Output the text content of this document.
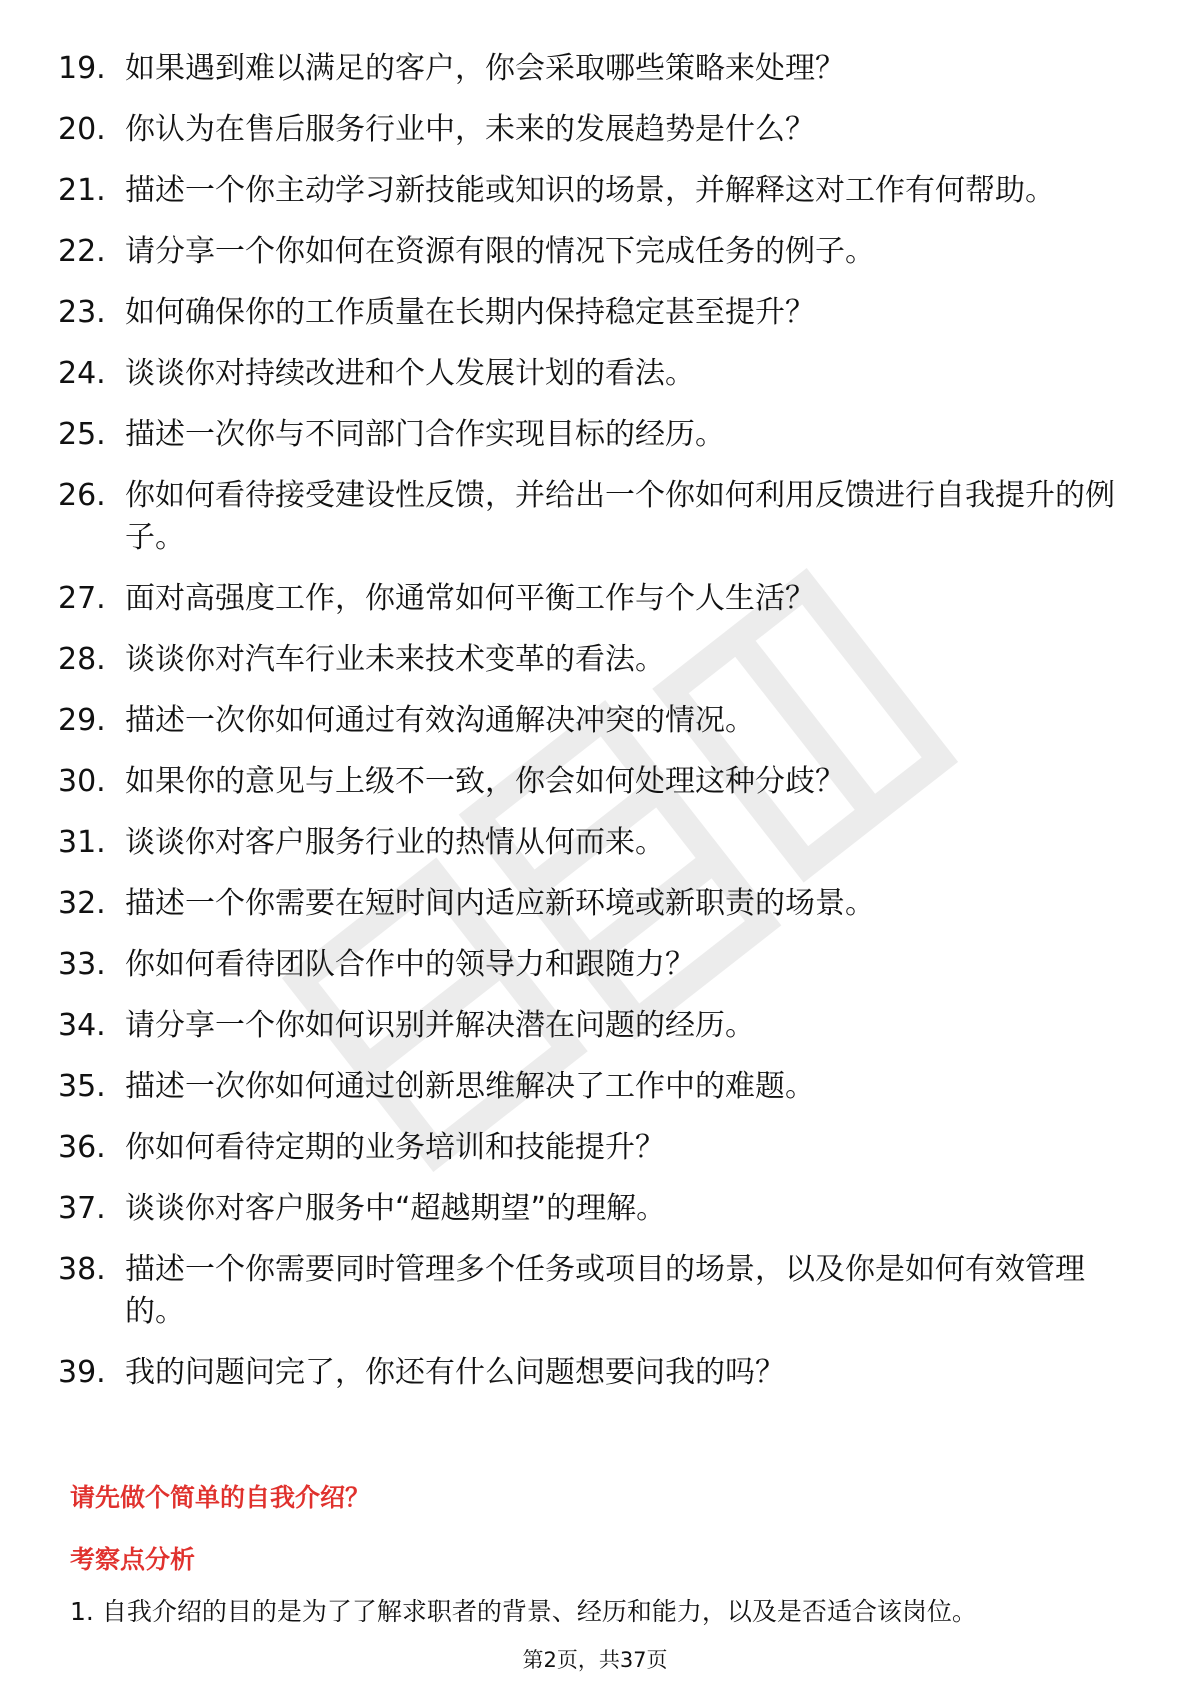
19. 如果遇到难以满足的客户，你会采取哪些策略来处理？
20. 你认为在售后服务行业中，未来的发展趋势是什么？
21. 描述一个你主动学习新技能或知识的场景，并解释这对工作有何帮助。
22. 请分享一个你如何在资源有限的情况下完成任务的例子。
23. 如何确保你的工作质量在长期内保持稳定甚至提升？
24. 谈谈你对持续改进和个人发展计划的看法。
25. 描述一次你与不同部门合作实现目标的经历。
26. 你如何看待接受建设性反馈，并给出一个你如何利用反馈进行自我提升的例子。
27. 面对高强度工作，你通常如何平衡工作与个人生活？
28. 谈谈你对汽车行业未来技术变革的看法。
29. 描述一次你如何通过有效沟通解决冲突的情况。
30. 如果你的意见与上级不一致，你会如何处理这种分歧？
31. 谈谈你对客户服务行业的热情从何而来。
32. 描述一个你需要在短时间内适应新环境或新职责的场景。
33. 你如何看待团队合作中的领导力和跟随力？
34. 请分享一个你如何识别并解决潜在问题的经历。
35. 描述一次你如何通过创新思维解决了工作中的难题。
36. 你如何看待定期的业务培训和技能提升？
37. 谈谈你对客户服务中“超越期望”的理解。
38. 描述一个你需要同时管理多个任务或项目的场景，以及你是如何有效管理的。
39. 我的问题问完了，你还有什么问题想要问我的吗？
请先做个简单的自我介绍？
考察点分析
1. 自我介绍的目的是为了了解求职者的背景、经历和能力，以及是否适合该岗位。
第2页，共37页
